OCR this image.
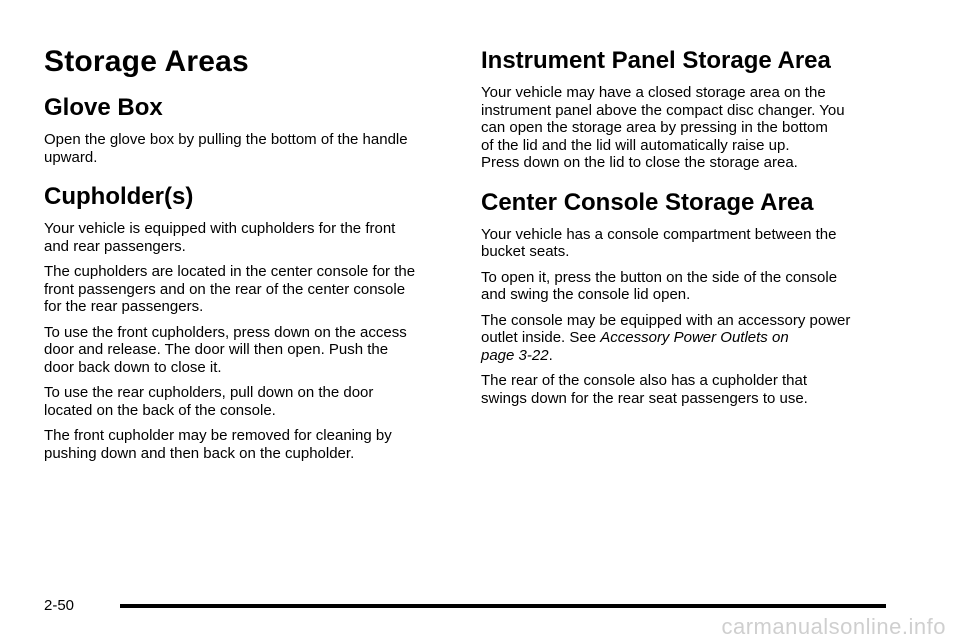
Storage Areas
Glove Box

Open the glove box by pulling the bottom of the handle
upward.

Cupholder(s)

Your vehicle is equipped with cupholders for the front
and rear passengers.

The cupholders are located in the center console for the
front passengers and on the rear of the center console
for the rear passengers.

To use the front cupholders, press down on the access
door and release. The door will then open. Push the
door back down to close it.

To use the rear cupholders, pull down on the door
located on the back of the console.

The front cupholder may be removed for cleaning by
pushing down and then back on the cupholder.

Instrument Panel Storage Area

Your vehicle may have a closed storage area on the
instrument panel above the compact disc changer. You
can open the storage area by pressing in the bottom
of the lid and the lid will automatically raise up.
Press down on the lid to close the storage area.

Center Console Storage Area

Your vehicle has a console compartment between the
bucket seats.

To open it, press the button on the side of the console
and swing the console lid open.

The console may be equipped with an accessory power
outlet inside. See Accessory Power Outlets on
page 3-22.

The rear of the console also has a cupholder that
swings down for the rear seat passengers to use.

2-50
carmanualsonline.info
